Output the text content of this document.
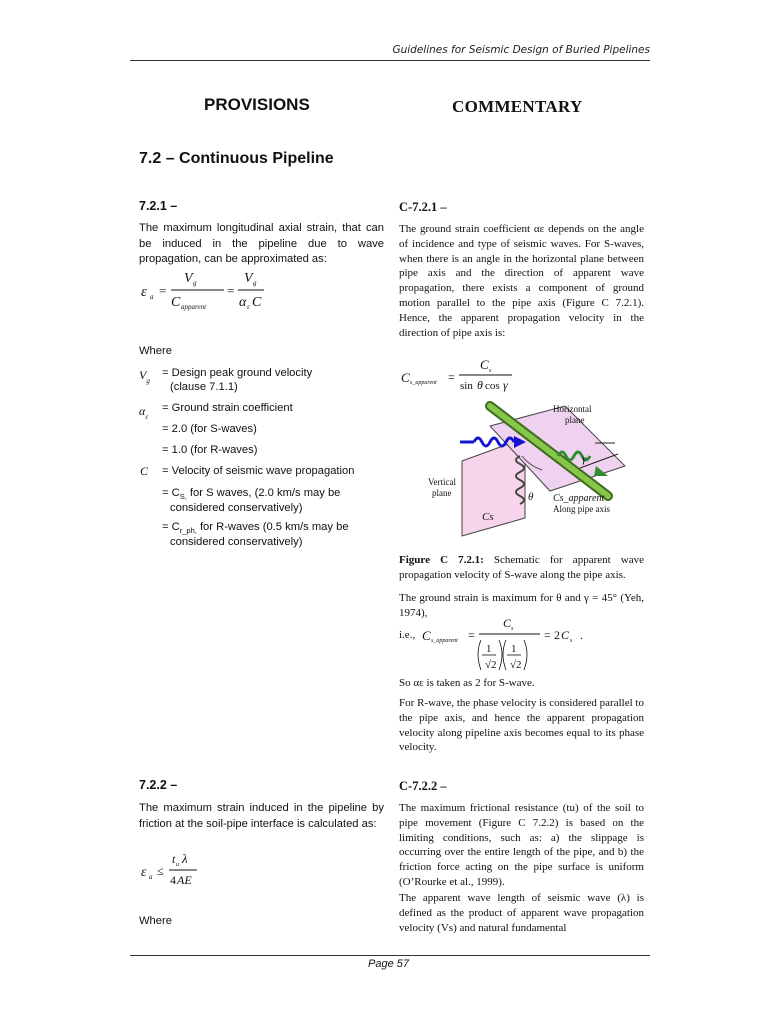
Guidelines for Seismic Design of Buried Pipelines
PROVISIONS	COMMENTARY
7.2 – Continuous Pipeline
7.2.1 –
The maximum longitudinal axial strain, that can be induced in the pipeline due to wave propagation, can be approximated as:
ε a =
V g
C apparent
=
V g
α ε C
Where
$V_g$
= Design peak ground velocity
(clause 7.1.1)
$\alpha_\varepsilon$
= Ground strain coefficient
= 2.0 (for S-waves)
= 1.0 (for R-waves)
C = Velocity of seismic wave propagation
= $C_{S,}$ for S waves, (2.0 km/s may be
considered conservatively)
= $C_{r\_ph,}$ for R-waves (0.5 km/s may be
considered conservatively)
C-7.2.1 –
The ground strain coefficient αε depends on the angle of incidence and type of seismic waves. For S-waves, when there is an angle in the horizontal plane between pipe axis and the direction of apparent wave propagation, there exists a component of ground motion parallel to the pipe axis (Figure C 7.2.1). Hence, the apparent propagation velocity in the direction of pipe axis is:
C s_apparent =
C s
sin θ cos γ
Horizontal
plane
Vertical
plane	Cs_apparent
Along pipe axis
Cs
θ
γ
Figure C 7.2.1: Schematic for apparent wave propagation velocity of S-wave along the pipe axis.
The ground strain is maximum for θ and γ = 45° (Yeh, 1974),
i.e., C s_apparent =
C s
1
√2
1
√2
= 2 C s .
So αε is taken as 2 for S-wave.
For R-wave, the phase velocity is considered parallel to the pipe axis, and hence the apparent propagation velocity along pipeline axis becomes equal to its phase velocity.
7.2.2 –
The maximum strain induced in the pipeline by friction at the soil-pipe interface is calculated as:
ε a ≤
t u λ
4 AE
Where
C-7.2.2 –
The maximum frictional resistance (tu) of the soil to pipe movement (Figure C 7.2.2) is based on the limiting conditions, such as: a) the slippage is occurring over the entire length of the pipe, and b) the friction force acting on the pipe surface is uniform (O’Rourke et al., 1999).
The apparent wave length of seismic wave (λ) is defined as the product of apparent wave propagation velocity (Vs) and natural fundamental
Page 57
